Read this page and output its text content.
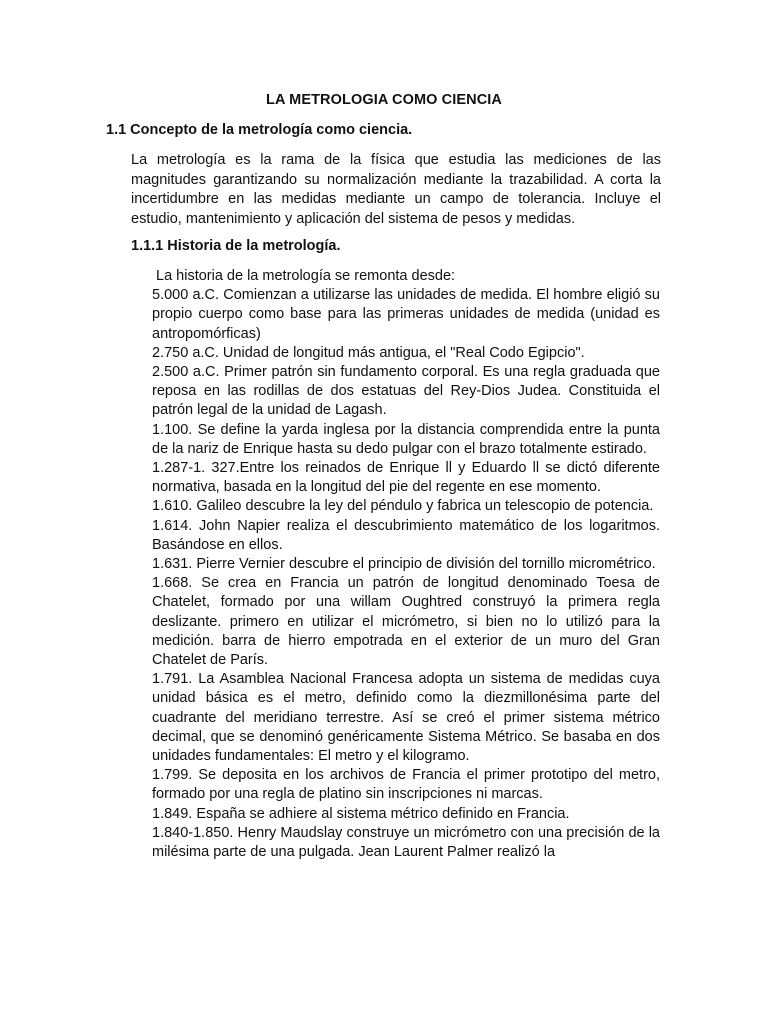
LA METROLOGIA COMO CIENCIA
1.1 Concepto de la metrología como ciencia.
La metrología es la rama de la física que estudia las mediciones de las magnitudes garantizando su normalización mediante la trazabilidad. A corta la incertidumbre en las medidas mediante un campo de tolerancia. Incluye el estudio, mantenimiento y aplicación del sistema de pesos y medidas.
1.1.1 Historia de la metrología.

La historia de la metrología se remonta desde:

5.000 a.C. Comienzan a utilizarse las unidades de medida. El hombre eligió su propio cuerpo como base para las primeras unidades de medida (unidad es antropomórficas)

2.750 a.C. Unidad de longitud más antigua, el "Real Codo Egipcio".

2.500 a.C. Primer patrón sin fundamento corporal. Es una regla graduada que reposa en las rodillas de dos estatuas del Rey-Dios Judea. Constituida el patrón legal de la unidad de Lagash.

1.100. Se define la yarda inglesa por la distancia comprendida entre la punta de la nariz de Enrique hasta su dedo pulgar con el brazo totalmente estirado.

1.287-1. 327.Entre los reinados de Enrique ll y Eduardo ll se dictó diferente normativa, basada en la longitud del pie del regente en ese momento.

1.610. Galileo descubre la ley del péndulo y fabrica un telescopio de potencia.

1.614. John Napier realiza el descubrimiento matemático de los logaritmos. Basándose en ellos.

1.631. Pierre Vernier descubre el principio de división del tornillo micrométrico.

1.668. Se crea en Francia un patrón de longitud denominado Toesa de Chatelet, formado por una willam Oughtred construyó la primera regla deslizante. primero en utilizar el micrómetro, si bien no lo utilizó para la medición. barra de hierro empotrada en el exterior de un muro del Gran Chatelet de París.

1.791. La Asamblea Nacional Francesa adopta un sistema de medidas cuya unidad básica es el metro, definido como la diezmillonésima parte del cuadrante del meridiano terrestre. Así se creó el primer sistema métrico decimal, que se denominó genéricamente Sistema Métrico. Se basaba en dos unidades fundamentales: El metro y el kilogramo.

1.799. Se deposita en los archivos de Francia el primer prototipo del metro, formado por una regla de platino sin inscripciones ni marcas.

1.849. España se adhiere al sistema métrico definido en Francia.

1.840-1.850. Henry Maudslay construye un micrómetro con una precisión de la milésima parte de una pulgada. Jean Laurent Palmer realizó la
